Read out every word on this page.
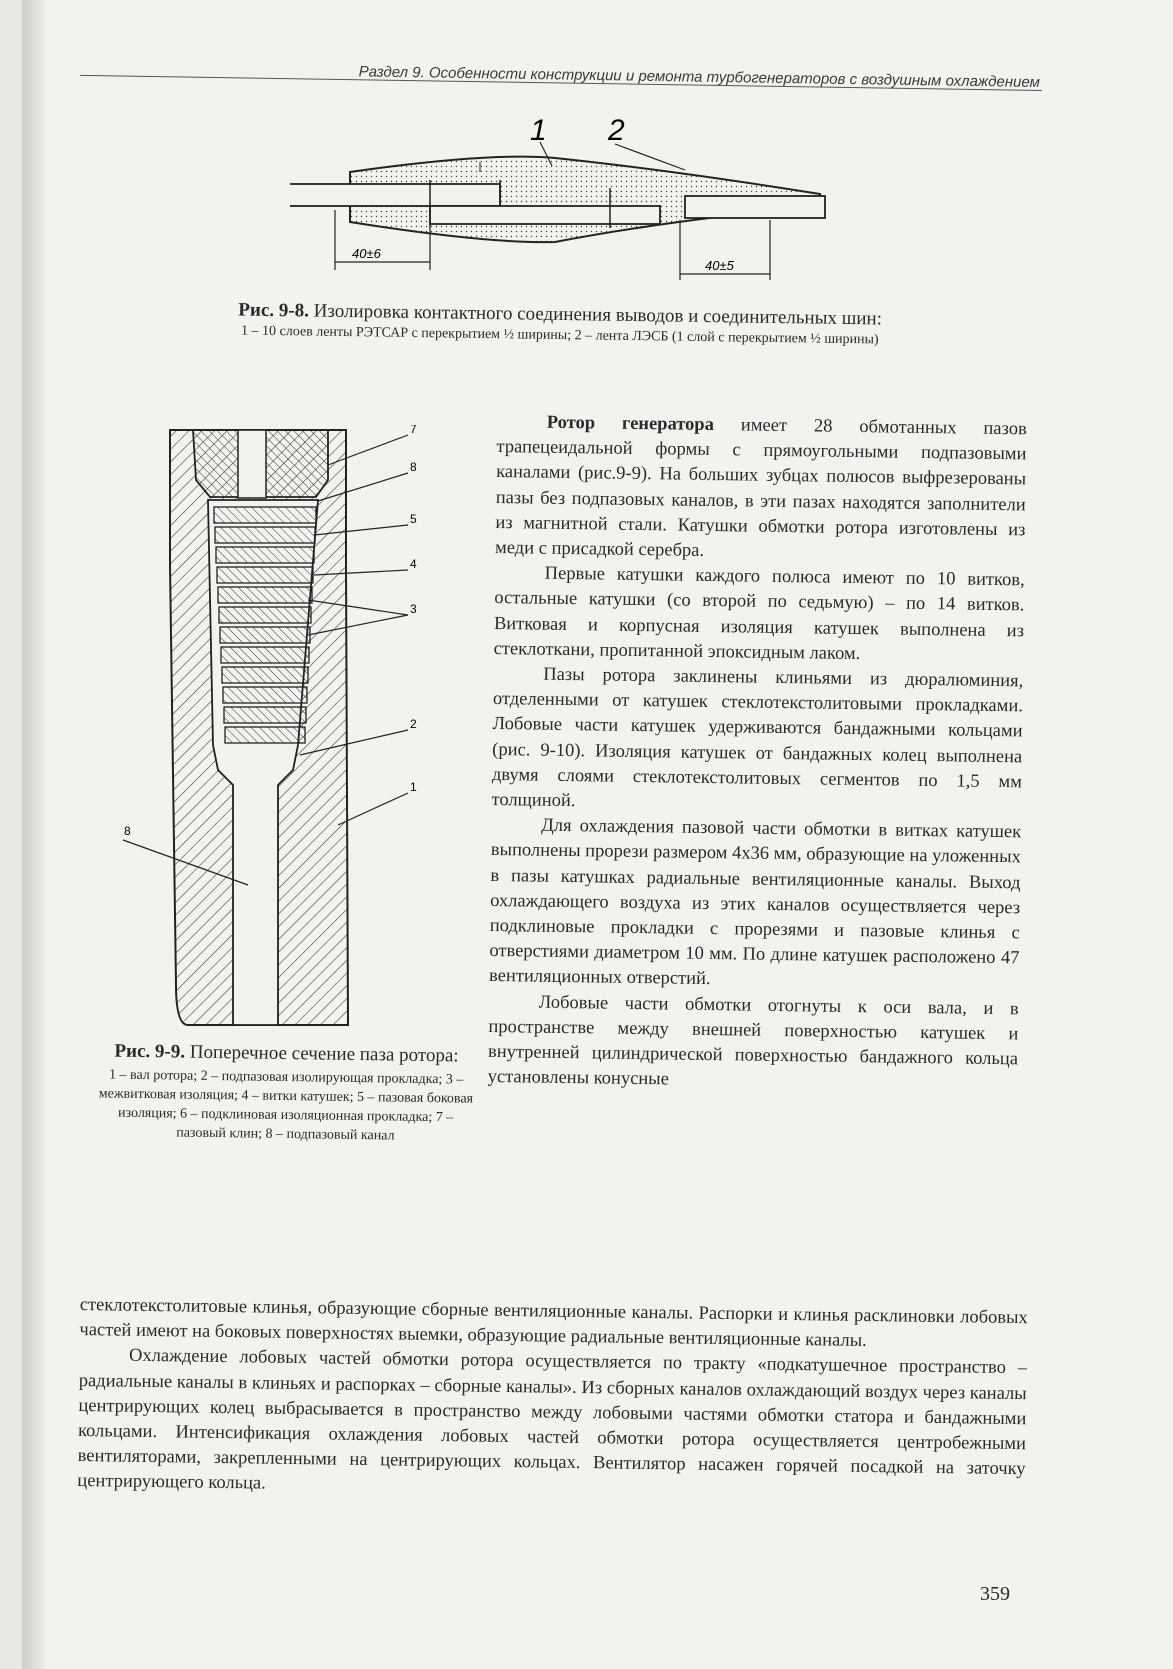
Раздел 9. Особенности конструкции и ремонта турбогенераторов с воздушным охлаждением
1 2
40±6
40±5
Рис. 9-8. Изолировка контактного соединения выводов и соединительных шин:
1 – 10 слоев ленты РЭТСАР с перекрытием ½ ширины; 2 – лента ЛЭСБ (1 слой с перекрытием ½ ширины)
7
8
5
4
3
2
1
8
Рис. 9-9. Поперечное сечение паза ротора:
1 – вал ротора; 2 – подпазовая изолирующая прокладка; 3 – межвитковая изоляция; 4 – витки катушек; 5 – пазовая боковая изоляция; 6 – подклиновая изоляционная прокладка; 7 – пазовый клин; 8 – подпазовый канал

Ротор генератора имеет 28 обмотанных пазов трапецеидальной формы с прямоугольными подпазовыми каналами (рис.9-9). На больших зубцах полюсов выфрезерованы пазы без подпазовых каналов, в эти пазах находятся заполнители из магнитной стали. Катушки обмотки ротора изготовлены из меди с присадкой серебра.

Первые катушки каждого полюса имеют по 10 витков, остальные катушки (со второй по седьмую) – по 14 витков. Витковая и корпусная изоляция катушек выполнена из стеклоткани, пропитанной эпоксидным лаком.

Пазы ротора заклинены клиньями из дюралюминия, отделенными от катушек стеклотекстолитовыми прокладками. Лобовые части катушек удерживаются бандажными кольцами (рис. 9-10). Изоляция катушек от бандажных колец выполнена двумя слоями стеклотекстолитовых сегментов по 1,5 мм толщиной.

Для охлаждения пазовой части обмотки в витках катушек выполнены прорези размером 4х36 мм, образующие на уложенных в пазы катушках радиальные вентиляционные каналы. Выход охлаждающего воздуха из этих каналов осуществляется через подклиновые прокладки с прорезями и пазовые клинья с отверстиями диаметром 10 мм. По длине катушек расположено 47 вентиляционных отверстий.

Лобовые части обмотки отогнуты к оси вала, и в пространстве между внешней поверхностью катушек и внутренней цилиндрической поверхностью бандажного кольца установлены конусные

стеклотекстолитовые клинья, образующие сборные вентиляционные каналы. Распорки и клинья расклиновки лобовых частей имеют на боковых поверхностях выемки, образующие радиальные вентиляционные каналы.

Охлаждение лобовых частей обмотки ротора осуществляется по тракту «подкатушечное пространство – радиальные каналы в клиньях и распорках – сборные каналы». Из сборных каналов охлаждающий воздух через каналы центрирующих колец выбрасывается в пространство между лобовыми частями обмотки статора и бандажными кольцами. Интенсификация охлаждения лобовых частей обмотки ротора осуществляется центробежными вентиляторами, закрепленными на центрирующих кольцах. Вентилятор насажен горячей посадкой на заточку центрирующего кольца.

359
